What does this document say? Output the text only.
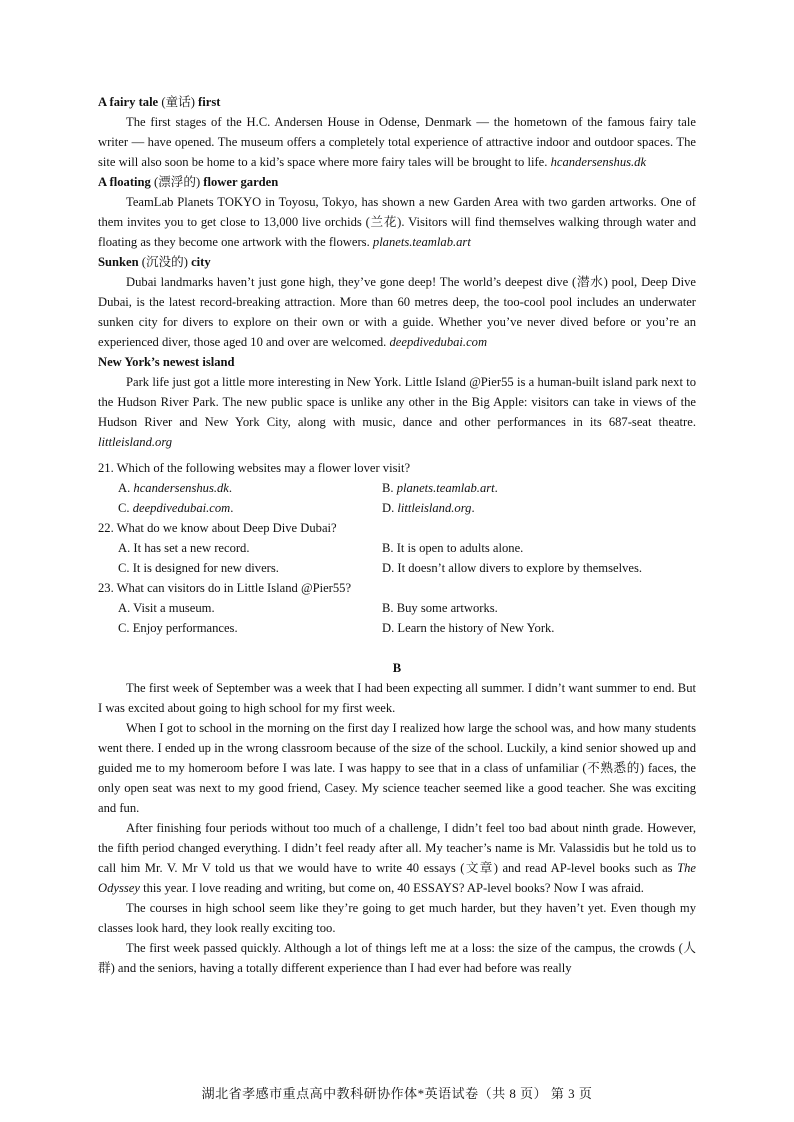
A fairy tale (童话) first
The first stages of the H.C. Andersen House in Odense, Denmark — the hometown of the famous fairy tale writer — have opened. The museum offers a completely total experience of attractive indoor and outdoor spaces. The site will also soon be home to a kid’s space where more fairy tales will be brought to life. hcandersenshus.dk
A floating (漂浮的) flower garden
TeamLab Planets TOKYO in Toyosu, Tokyo, has shown a new Garden Area with two garden artworks. One of them invites you to get close to 13,000 live orchids (兰花). Visitors will find themselves walking through water and floating as they become one artwork with the flowers. planets.teamlab.art
Sunken (沉没的) city
Dubai landmarks haven’t just gone high, they’ve gone deep! The world’s deepest dive (潜水) pool, Deep Dive Dubai, is the latest record-breaking attraction. More than 60 metres deep, the too-cool pool includes an underwater sunken city for divers to explore on their own or with a guide. Whether you’ve never dived before or you’re an experienced diver, those aged 10 and over are welcomed. deepdivedubai.com
New York’s newest island
Park life just got a little more interesting in New York. Little Island @Pier55 is a human-built island park next to the Hudson River Park. The new public space is unlike any other in the Big Apple: visitors can take in views of the Hudson River and New York City, along with music, dance and other performances in its 687-seat theatre. littleisland.org
21. Which of the following websites may a flower lover visit?
A. hcandersenshus.dk.	B. planets.teamlab.art.
C. deepdivedubai.com.	D. littleisland.org.
22. What do we know about Deep Dive Dubai?
A. It has set a new record.	B. It is open to adults alone.
C. It is designed for new divers.	D. It doesn’t allow divers to explore by themselves.
23. What can visitors do in Little Island @Pier55?
A. Visit a museum.	B. Buy some artworks.
C. Enjoy performances.	D. Learn the history of New York.
B
The first week of September was a week that I had been expecting all summer. I didn’t want summer to end. But I was excited about going to high school for my first week.
When I got to school in the morning on the first day I realized how large the school was, and how many students went there. I ended up in the wrong classroom because of the size of the school. Luckily, a kind senior showed up and guided me to my homeroom before I was late. I was happy to see that in a class of unfamiliar (不熟悉的) faces, the only open seat was next to my good friend, Casey. My science teacher seemed like a good teacher. She was exciting and fun.
After finishing four periods without too much of a challenge, I didn’t feel too bad about ninth grade. However, the fifth period changed everything. I didn’t feel ready after all. My teacher’s name is Mr. Valassidis but he told us to call him Mr. V. Mr V told us that we would have to write 40 essays (文章) and read AP-level books such as The Odyssey this year. I love reading and writing, but come on, 40 ESSAYS? AP-level books? Now I was afraid.
The courses in high school seem like they’re going to get much harder, but they haven’t yet. Even though my classes look hard, they look really exciting too.
The first week passed quickly. Although a lot of things left me at a loss: the size of the campus, the crowds (人群) and the seniors, having a totally different experience than I had ever had before was really
湖北省孝感市重点高中教科研协作体*英语试卷（共 8 页） 第 3 页
